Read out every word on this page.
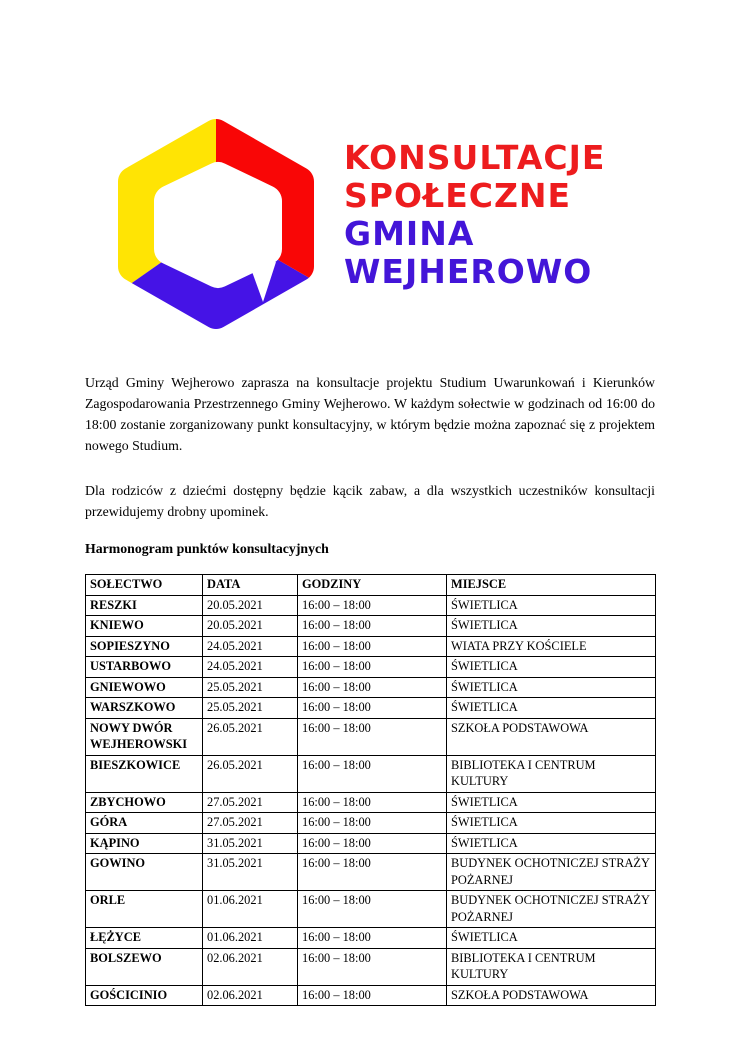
KONSULTACJE
SPOŁECZNE
GMINA
WEJHEROWO

Urząd Gminy Wejherowo zaprasza na konsultacje projektu Studium Uwarunkowań i Kierunków Zagospodarowania Przestrzennego Gminy Wejherowo. W każdym sołectwie w godzinach od 16:00 do 18:00 zostanie zorganizowany punkt konsultacyjny, w którym będzie można zapoznać się z projektem nowego Studium.

Dla rodziców z dziećmi dostępny będzie kącik zabaw, a dla wszystkich uczestników konsultacji przewidujemy drobny upominek.

Harmonogram punktów konsultacyjnych

SOŁECTWO	DATA	GODZINY	MIEJSCE
RESZKI	20.05.2021	16:00 – 18:00	ŚWIETLICA
KNIEWO	20.05.2021	16:00 – 18:00	ŚWIETLICA
SOPIESZYNO	24.05.2021	16:00 – 18:00	WIATA PRZY KOŚCIELE
USTARBOWO	24.05.2021	16:00 – 18:00	ŚWIETLICA
GNIEWOWO	25.05.2021	16:00 – 18:00	ŚWIETLICA
WARSZKOWO	25.05.2021	16:00 – 18:00	ŚWIETLICA
NOWY DWÓR WEJHEROWSKI	26.05.2021	16:00 – 18:00	SZKOŁA PODSTAWOWA
BIESZKOWICE	26.05.2021	16:00 – 18:00	BIBLIOTEKA I CENTRUM KULTURY
ZBYCHOWO	27.05.2021	16:00 – 18:00	ŚWIETLICA
GÓRA	27.05.2021	16:00 – 18:00	ŚWIETLICA
KĄPINO	31.05.2021	16:00 – 18:00	ŚWIETLICA
GOWINO	31.05.2021	16:00 – 18:00	BUDYNEK OCHOTNICZEJ STRAŻY POŻARNEJ
ORLE	01.06.2021	16:00 – 18:00	BUDYNEK OCHOTNICZEJ STRAŻY POŻARNEJ
ŁĘŻYCE	01.06.2021	16:00 – 18:00	ŚWIETLICA
BOLSZEWO	02.06.2021	16:00 – 18:00	BIBLIOTEKA I CENTRUM KULTURY
GOŚCICINIO	02.06.2021	16:00 – 18:00	SZKOŁA PODSTAWOWA
